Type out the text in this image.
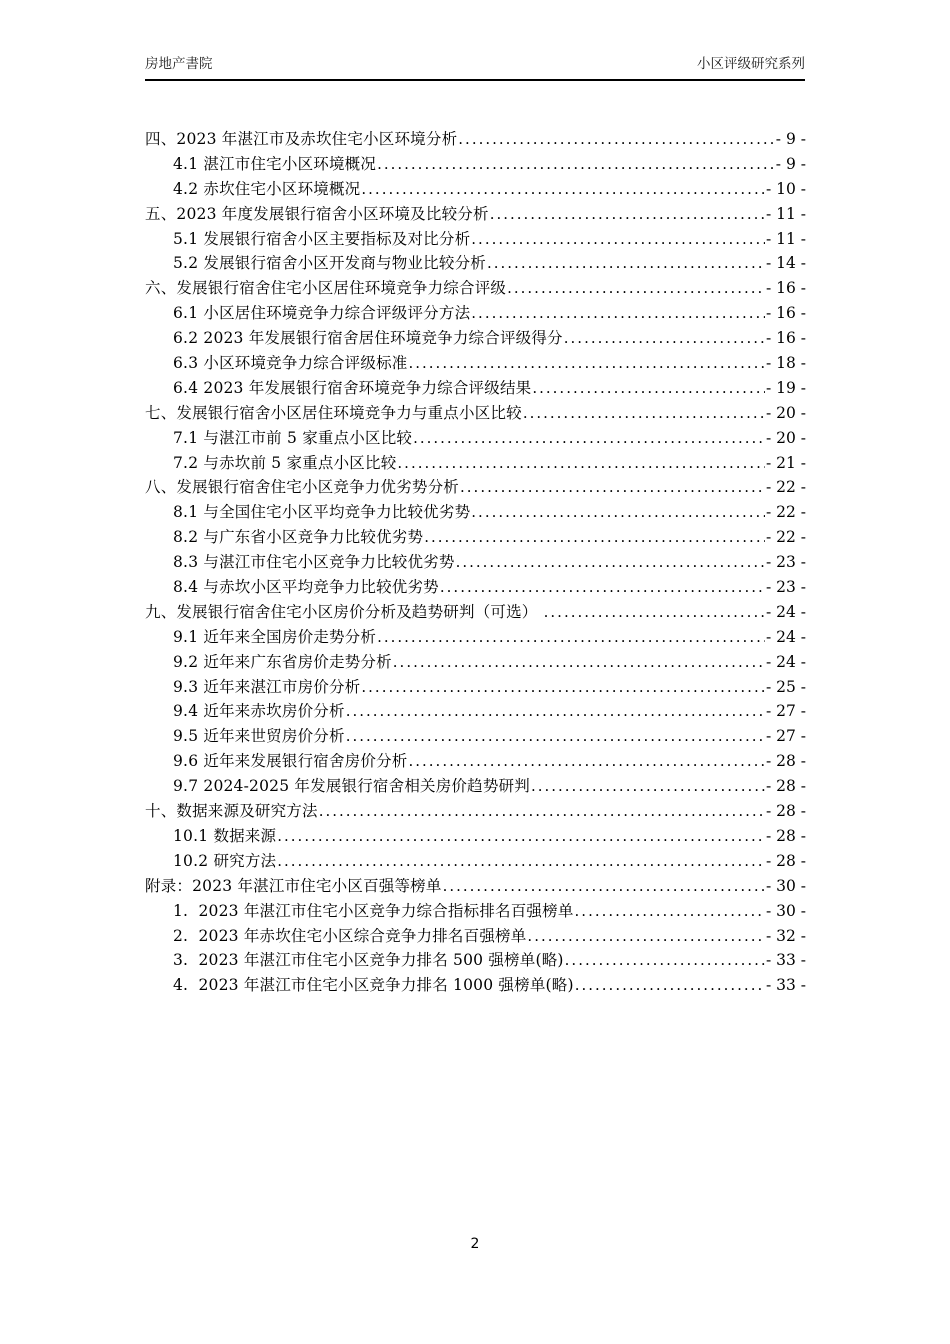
房地产書院	小区评级研究系列
四、2023 年湛江市及赤坎住宅小区环境分析 .....	- 9 -
4.1 湛江市住宅小区环境概况 .....	- 9 -
4.2 赤坎住宅小区环境概况 .....	- 10 -
五、2023 年度发展银行宿舍小区环境及比较分析 .....	- 11 -
5.1 发展银行宿舍小区主要指标及对比分析 .....	- 11 -
5.2 发展银行宿舍小区开发商与物业比较分析 .....	- 14 -
六、发展银行宿舍住宅小区居住环境竞争力综合评级 .....	- 16 -
6.1 小区居住环境竞争力综合评级评分方法 .....	- 16 -
6.2 2023 年发展银行宿舍居住环境竞争力综合评级得分 .....	- 16 -
6.3 小区环境竞争力综合评级标准 .....	- 18 -
6.4 2023 年发展银行宿舍环境竞争力综合评级结果 .....	- 19 -
七、发展银行宿舍小区居住环境竞争力与重点小区比较 .....	- 20 -
7.1 与湛江市前 5 家重点小区比较 .....	- 20 -
7.2 与赤坎前 5 家重点小区比较 .....	- 21 -
八、发展银行宿舍住宅小区竞争力优劣势分析 .....	- 22 -
8.1 与全国住宅小区平均竞争力比较优劣势 .....	- 22 -
8.2 与广东省小区竞争力比较优劣势 .....	- 22 -
8.3 与湛江市住宅小区竞争力比较优劣势 .....	- 23 -
8.4 与赤坎小区平均竞争力比较优劣势 .....	- 23 -
九、发展银行宿舍住宅小区房价分析及趋势研判（可选） .....	- 24 -
9.1 近年来全国房价走势分析 .....	- 24 -
9.2 近年来广东省房价走势分析 .....	- 24 -
9.3 近年来湛江市房价分析 .....	- 25 -
9.4 近年来赤坎房价分析 .....	- 27 -
9.5 近年来世贸房价分析 .....	- 27 -
9.6 近年来发展银行宿舍房价分析 .....	- 28 -
9.7 2024-2025 年发展银行宿舍相关房价趋势研判 .....	- 28 -
十、数据来源及研究方法 .....	- 28 -
10.1 数据来源 .....	- 28 -
10.2 研究方法 .....	- 28 -
附录：2023 年湛江市住宅小区百强等榜单 .....	- 30 -
1.  2023 年湛江市住宅小区竞争力综合指标排名百强榜单 .....	- 30 -
2.  2023 年赤坎住宅小区综合竞争力排名百强榜单 .....	- 32 -
3.  2023 年湛江市住宅小区竞争力排名 500 强榜单(略) .....	- 33 -
4.  2023 年湛江市住宅小区竞争力排名 1000 强榜单(略) .....	- 33 -
2
